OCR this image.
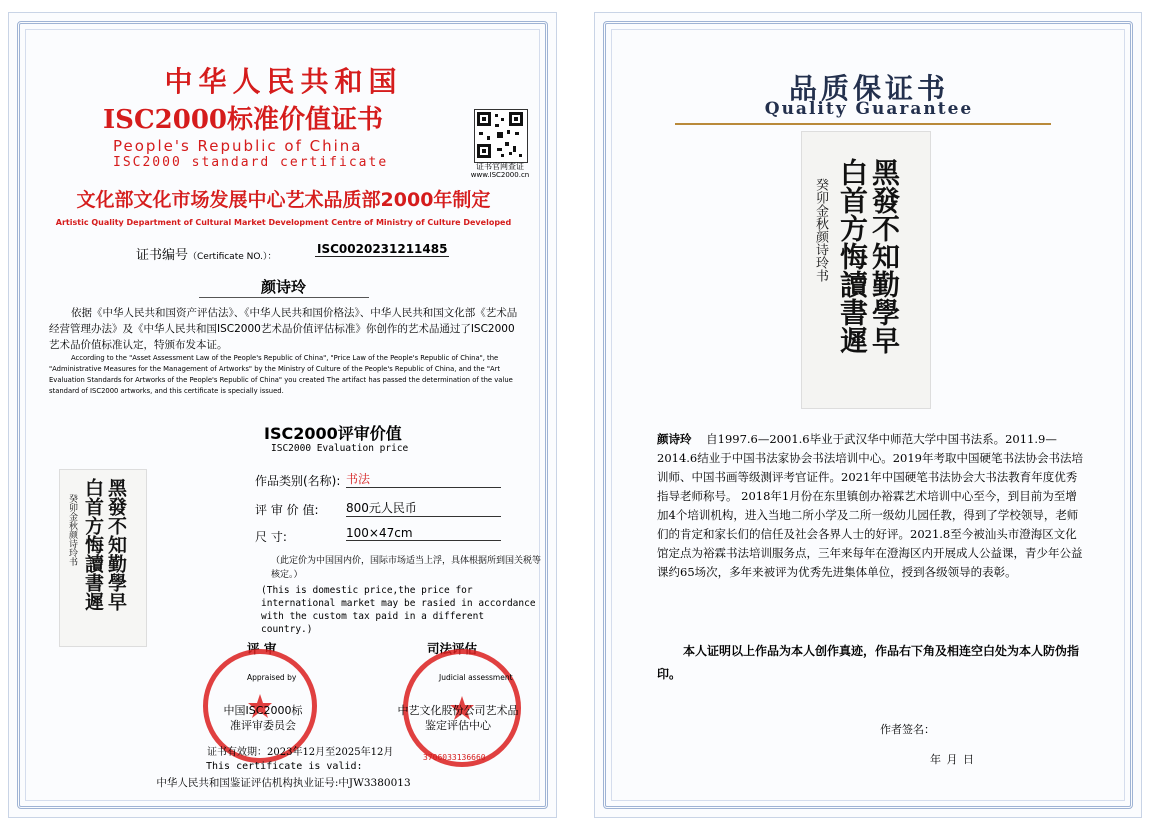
中华人民共和国
ISC2000标准价值证书
People's Republic of China
ISC2000 standard certificate	证书官网查证
www.ISC2000.cn
文化部文化市场发展中心艺术品质部2000年制定
Artistic Quality Department of Cultural Market Development Centre of Ministry of Culture Developed
证书编号（Certificate NO.）：
ISC0020231211485
颜诗玲
依据《中华人民共和国资产评估法》、《中华人民共和国价格法》、中华人民共和国文化部《艺术品经营管理办法》及《中华人民共和国ISC2000艺术品价值评估标准》你创作的艺术品通过了ISC2000艺术品价值标准认定，特颁布发本证。
According to the "Asset Assessment Law of the People's Republic of China", "Price Law of the People's Republic of China", the "Administrative Measures for the Management of Artworks" by the Ministry of Culture of the People's Republic of China, and the "Art Evaluation Standards for Artworks of the People's Republic of China" you created The artifact has passed the determination of the value standard of ISC2000 artworks, and this certificate is specially issued.
ISC2000评审价值
ISC2000 Evaluation price
黑發不知勤學早
白首方悔讀書遲
癸卯金秋颜诗玲书
作品类别(名称): 书法
评 审 价 值: 800元人民币
尺 寸:	100×47cm
（此定价为中国国内价，国际市场适当上浮，具体根据所到国关税等核定。）
(This is domestic price,the price for international market may be rasied in accordance with the custom tax paid in a different country.)
评 审	司法评估
Appraised by
中国ISC2000标准评审委员会
Judicial assessment
中艺文化股份公司艺术品鉴定评估中心
3706033136660
证书有效期：2023年12月至2025年12月
This certificate is valid:
中华人民共和国鉴证评估机构执业证号:中JW3380013
品质保证书
Quality Guarantee
黑發不知勤學早
白首方悔讀書遲
癸卯金秋颜诗玲书
颜诗玲 自1997.6—2001.6毕业于武汉华中师范大学中国书法系。2011.9—2014.6结业于中国书法家协会书法培训中心。2019年考取中国硬笔书法协会书法培训师、中国书画等级测评考官证件。2021年中国硬笔书法协会大书法教育年度优秀指导老师称号。 2018年1月份在东里镇创办裕霖艺术培训中心至今，到目前为至增加4个培训机构，进入当地二所小学及二所一级幼儿园任教，得到了学校领导，老师们的肯定和家长们的信任及社会各界人士的好评。2021.8至今被汕头市澄海区文化馆定点为裕霖书法培训服务点，三年来每年在澄海区内开展成人公益课，青少年公益课约65场次，多年来被评为优秀先进集体单位，授到各级领导的表彰。
本人证明以上作品为本人创作真迹，作品右下角及相连空白处为本人防伪指印。
作者签名：
年 月 日
